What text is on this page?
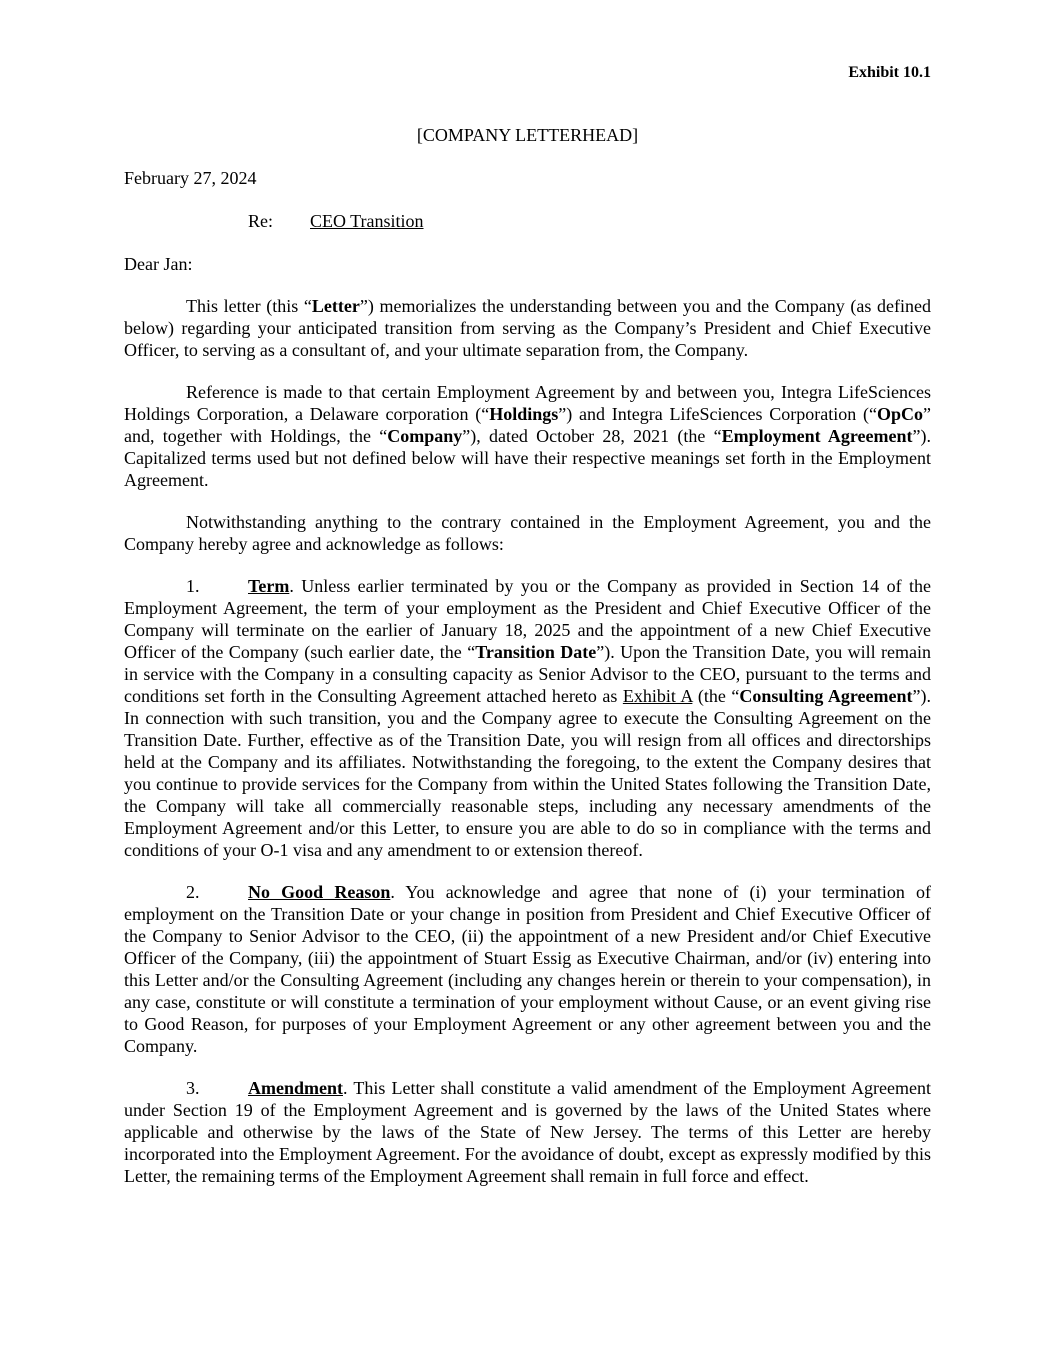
Exhibit 10.1
[COMPANY LETTERHEAD]
February 27, 2024
Re: CEO Transition
Dear Jan:

This letter (this “Letter”) memorializes the understanding between you and the Company (as defined below) regarding your anticipated transition from serving as the Company’s President and Chief Executive Officer, to serving as a consultant of, and your ultimate separation from, the Company.

Reference is made to that certain Employment Agreement by and between you, Integra LifeSciences Holdings Corporation, a Delaware corporation (“Holdings”) and Integra LifeSciences Corporation (“OpCo” and, together with Holdings, the “Company”), dated October 28, 2021 (the “Employment Agreement”). Capitalized terms used but not defined below will have their respective meanings set forth in the Employment Agreement.

Notwithstanding anything to the contrary contained in the Employment Agreement, you and the Company hereby agree and acknowledge as follows:

1.	Term. Unless earlier terminated by you or the Company as provided in Section 14 of the Employment Agreement, the term of your employment as the President and Chief Executive Officer of the Company will terminate on the earlier of January 18, 2025 and the appointment of a new Chief Executive Officer of the Company (such earlier date, the “Transition Date”). Upon the Transition Date, you will remain in service with the Company in a consulting capacity as Senior Advisor to the CEO, pursuant to the terms and conditions set forth in the Consulting Agreement attached hereto as Exhibit A (the “Consulting Agreement”). In connection with such transition, you and the Company agree to execute the Consulting Agreement on the Transition Date. Further, effective as of the Transition Date, you will resign from all offices and directorships held at the Company and its affiliates. Notwithstanding the foregoing, to the extent the Company desires that you continue to provide services for the Company from within the United States following the Transition Date, the Company will take all commercially reasonable steps, including any necessary amendments of the Employment Agreement and/or this Letter, to ensure you are able to do so in compliance with the terms and conditions of your O-1 visa and any amendment to or extension thereof.

2.	No Good Reason. You acknowledge and agree that none of (i) your termination of employment on the Transition Date or your change in position from President and Chief Executive Officer of the Company to Senior Advisor to the CEO, (ii) the appointment of a new President and/or Chief Executive Officer of the Company, (iii) the appointment of Stuart Essig as Executive Chairman, and/or (iv) entering into this Letter and/or the Consulting Agreement (including any changes herein or therein to your compensation), in any case, constitute or will constitute a termination of your employment without Cause, or an event giving rise to Good Reason, for purposes of your Employment Agreement or any other agreement between you and the Company.

3.	Amendment. This Letter shall constitute a valid amendment of the Employment Agreement under Section 19 of the Employment Agreement and is governed by the laws of the United States where applicable and otherwise by the laws of the State of New Jersey. The terms of this Letter are hereby incorporated into the Employment Agreement. For the avoidance of doubt, except as expressly modified by this Letter, the remaining terms of the Employment Agreement shall remain in full force and effect.
